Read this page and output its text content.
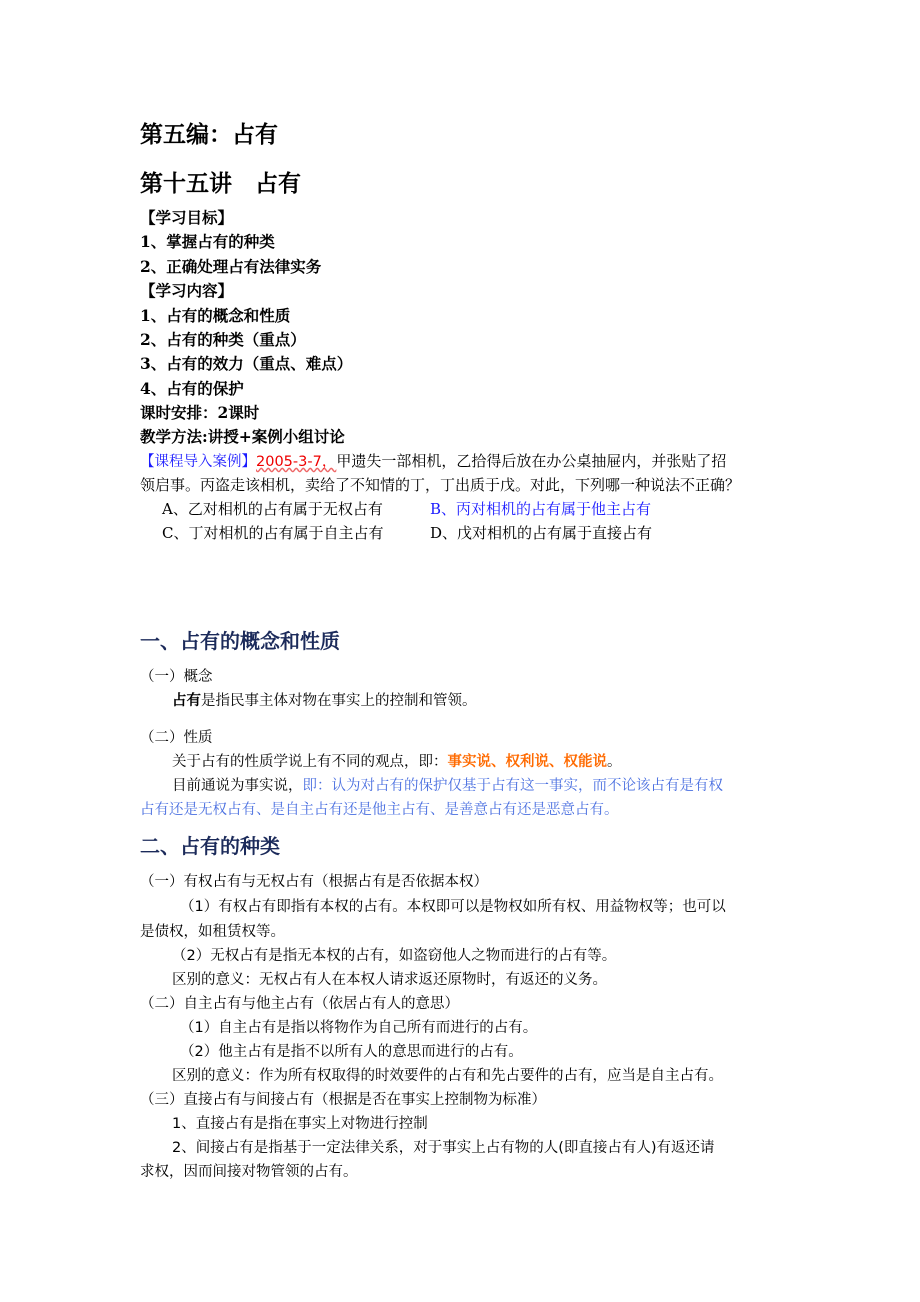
第五编：占有
第十五讲　占有
【学习目标】
1、掌握占有的种类
2、正确处理占有法律实务
【学习内容】
1、占有的概念和性质
2、占有的种类（重点）
3、占有的效力（重点、难点）
4、占有的保护
课时安排：2课时
教学方法:讲授+案例小组讨论
【课程导入案例】2005-3-7，甲遗失一部相机，乙拾得后放在办公桌抽屉内，并张贴了招
领启事。丙盗走该相机，卖给了不知情的丁，丁出质于戊。对此，下列哪一种说法不正确？
A、乙对相机的占有属于无权占有	B、丙对相机的占有属于他主占有
C、丁对相机的占有属于自主占有	D、戊对相机的占有属于直接占有
一、占有的概念和性质
（一）概念
占有是指民事主体对物在事实上的控制和管领。
（二）性质
关于占有的性质学说上有不同的观点，即：事实说、权利说、权能说。
目前通说为事实说，即：认为对占有的保护仅基于占有这一事实，而不论该占有是有权
占有还是无权占有、是自主占有还是他主占有、是善意占有还是恶意占有。
二、占有的种类
（一）有权占有与无权占有（根据占有是否依据本权）
（1）有权占有即指有本权的占有。本权即可以是物权如所有权、用益物权等；也可以
是债权，如租赁权等。
（2）无权占有是指无本权的占有，如盗窃他人之物而进行的占有等。
区别的意义：无权占有人在本权人请求返还原物时，有返还的义务。
（二）自主占有与他主占有（依居占有人的意思）
（1）自主占有是指以将物作为自己所有而进行的占有。
（2）他主占有是指不以所有人的意思而进行的占有。
区别的意义：作为所有权取得的时效要件的占有和先占要件的占有，应当是自主占有。
（三）直接占有与间接占有（根据是否在事实上控制物为标准）
1、直接占有是指在事实上对物进行控制
2、间接占有是指基于一定法律关系，对于事实上占有物的人(即直接占有人)有返还请
求权，因而间接对物管领的占有。
